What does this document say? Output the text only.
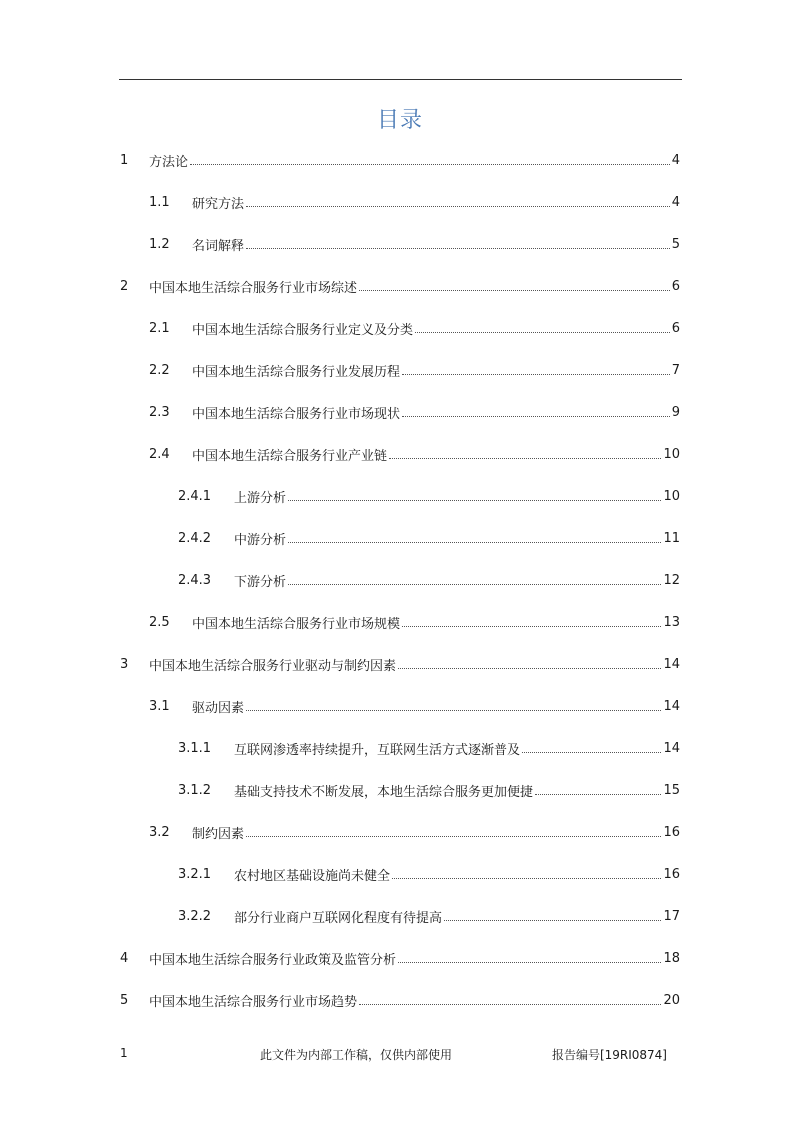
目录
1	方法论	4
1.1	研究方法	4
1.2	名词解释	5
2	中国本地生活综合服务行业市场综述	6
2.1	中国本地生活综合服务行业定义及分类	6
2.2	中国本地生活综合服务行业发展历程	7
2.3	中国本地生活综合服务行业市场现状	9
2.4	中国本地生活综合服务行业产业链	10
2.4.1	上游分析	10
2.4.2	中游分析	11
2.4.3	下游分析	12
2.5	中国本地生活综合服务行业市场规模	13
3	中国本地生活综合服务行业驱动与制约因素	14
3.1	驱动因素	14
3.1.1	互联网渗透率持续提升，互联网生活方式逐渐普及	14
3.1.2	基础支持技术不断发展，本地生活综合服务更加便捷	15
3.2	制约因素	16
3.2.1	农村地区基础设施尚未健全	16
3.2.2	部分行业商户互联网化程度有待提高	17
4	中国本地生活综合服务行业政策及监管分析	18
5	中国本地生活综合服务行业市场趋势	20
1	此文件为内部工作稿，仅供内部使用	报告编号[19RI0874]
